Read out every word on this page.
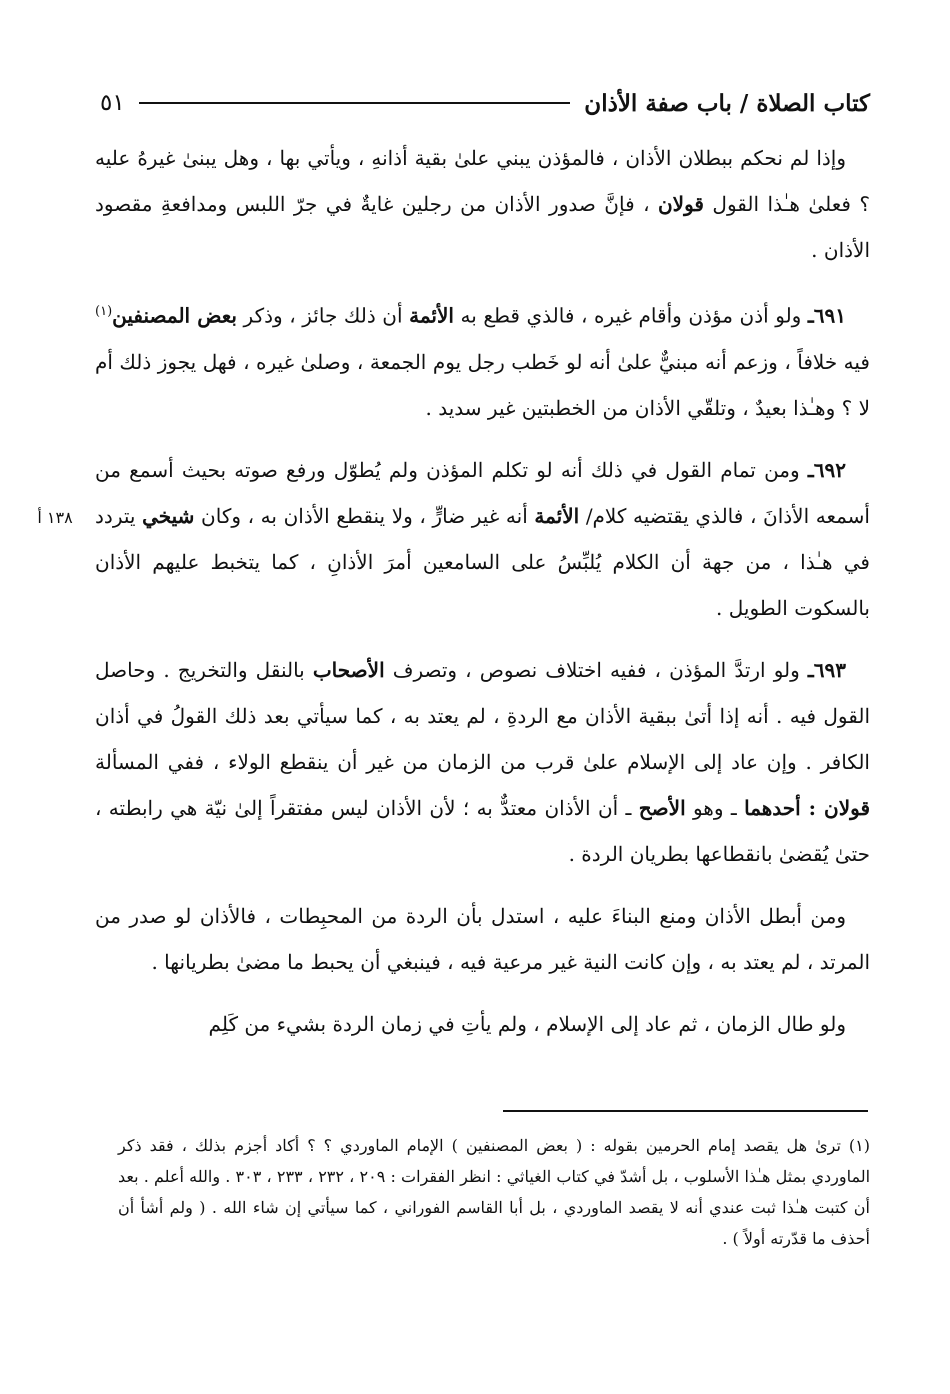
كتاب الصلاة / باب صفة الأذان
٥١
١٣٨ أ

وإذا لم نحكم ببطلان الأذان ، فالمؤذن يبني علىٰ بقية أذانهِ ، ويأتي بها ، وهل يبنىٰ غيرهُ عليه ؟ فعلىٰ هـٰذا القول قولان ، فإنَّ صدور الأذان من رجلين غايةٌ في جرّ اللبس ومدافعةِ مقصود الأذان .

٦٩١ـ ولو أذن مؤذن وأقام غيره ، فالذي قطع به الأئمة أن ذلك جائز ، وذكر بعض المصنفين$^{(١)}$ فيه خلافاً ، وزعم أنه مبنيٌّ علىٰ أنه لو خَطب رجل يوم الجمعة ، وصلىٰ غيره ، فهل يجوز ذلك أم لا ؟ وهـٰذا بعيدٌ ، وتلقّي الأذان من الخطبتين غير سديد .

٦٩٢ـ ومن تمام القول في ذلك أنه لو تكلم المؤذن ولم يُطوّل ورفع صوته بحيث أسمع من أسمعه الأذانَ ، فالذي يقتضيه كلام/ الأئمة أنه غير ضارٍّ ، ولا ينقطع الأذان به ، وكان شيخي يتردد في هـٰذا ، من جهة أن الكلام يُلبِّسُ على السامعين أمرَ الأذانِ ، كما يتخبط عليهم الأذان بالسكوت الطويل .

٦٩٣ـ ولو ارتدَّ المؤذن ، ففيه اختلاف نصوص ، وتصرف الأصحاب بالنقل والتخريج . وحاصل القول فيه . أنه إذا أتىٰ ببقية الأذان مع الردةِ ، لم يعتد به ، كما سيأتي بعد ذلك القولُ في أذان الكافر . وإن عاد إلى الإسلام علىٰ قرب من الزمان من غير أن ينقطع الولاء ، ففي المسألة قولان : أحدهما ـ وهو الأصح ـ أن الأذان معتدٌّ به ؛ لأن الأذان ليس مفتقراً إلىٰ نيّة هي رابطته ، حتىٰ يُقضىٰ بانقطاعها بطريان الردة .

ومن أبطل الأذان ومنع البناءَ عليه ، استدل بأن الردة من المحبِطات ، فالأذان لو صدر من المرتد ، لم يعتد به ، وإن كانت النية غير مرعية فيه ، فينبغي أن يحبط ما مضىٰ بطريانها .

ولو طال الزمان ، ثم عاد إلى الإسلام ، ولم يأتِ في زمان الردة بشيء من كَلِم

(١)ترىٰ هل يقصد إمام الحرمين بقوله : ( بعض المصنفين ) الإمام الماوردي ؟ ؟ أكاد أجزم بذلك ، فقد ذكر الماوردي بمثل هـٰذا الأسلوب ، بل أشدّ في كتاب الغياثي : انظر الفقرات : ٢٠٩ ، ٢٣٢ ، ٢٣٣ ، ٣٠٣ . والله أعلم . بعد أن كتبت هـٰذا ثبت عندي أنه لا يقصد الماوردي ، بل أبا القاسم الفوراني ، كما سيأتي إن شاء الله . ( ولم أشأ أن أحذف ما قدّرته أولاً ) .
